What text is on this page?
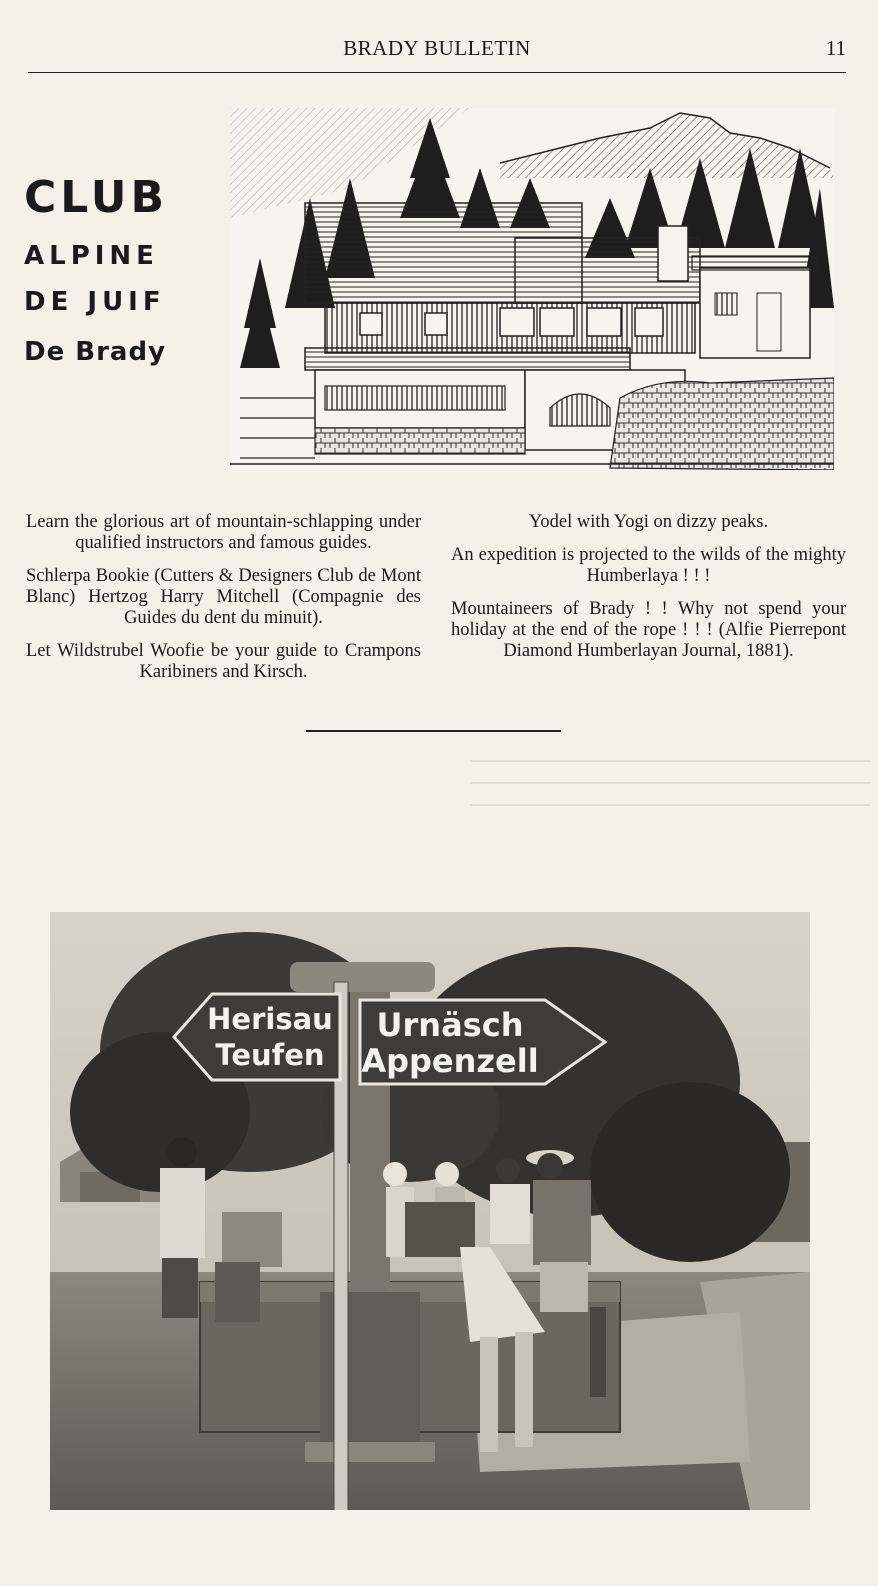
BRADY BULLETIN	11
CLUB
ALPINE
DE JUIF
De Brady

Learn the glorious art of mountain-schlapping under qualified instructors and famous guides.

Schlerpa Bookie (Cutters & Designers Club de Mont Blanc) Hertzog Harry Mitchell (Compagnie des Guides du dent du minuit).

Let Wildstrubel Woofie be your guide to Crampons Karibiners and Kirsch.

Yodel with Yogi on dizzy peaks.

An expedition is projected to the wilds of the mighty Humberlaya ! ! !

Mountaineers of Brady ! ! Why not spend your holiday at the end of the rope ! ! ! (Alfie Pierrepont Diamond Humberlayan Journal, 1881).

Herisau
Teufen
Urnäsch
Appenzell
